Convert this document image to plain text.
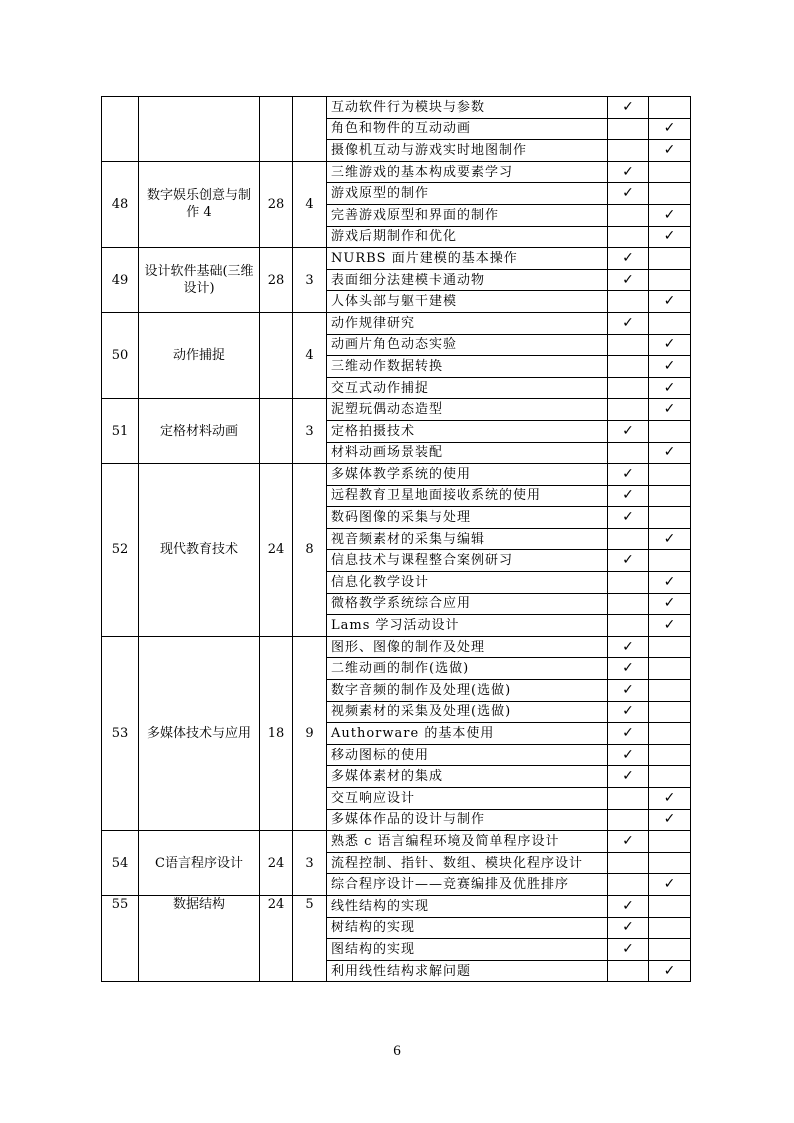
				互动软件行为模块与参数	✓	
				角色和物件的互动动画		✓
				摄像机互动与游戏实时地图制作		✓
48	数字娱乐创意与制作 4	28	4	三维游戏的基本构成要素学习	✓	
				游戏原型的制作	✓	
				完善游戏原型和界面的制作		✓
				游戏后期制作和优化		✓
49	设计软件基础(三维设计)	28	3	NURBS 面片建模的基本操作	✓	
				表面细分法建模卡通动物	✓	
				人体头部与躯干建模		✓
50	动作捕捉		4	动作规律研究	✓	
				动画片角色动态实验		✓
				三维动作数据转换		✓
				交互式动作捕捉		✓
51	定格材料动画		3	泥塑玩偶动态造型		✓
				定格拍摄技术	✓	
				材料动画场景装配		✓
52	现代教育技术	24	8	多媒体教学系统的使用	✓	
				远程教育卫星地面接收系统的使用	✓	
				数码图像的采集与处理	✓	
				视音频素材的采集与编辑		✓
				信息技术与课程整合案例研习	✓	
				信息化教学设计		✓
				微格教学系统综合应用		✓
				Lams 学习活动设计		✓
53	多媒体技术与应用	18	9	图形、图像的制作及处理	✓	
				二维动画的制作(选做)	✓	
				数字音频的制作及处理(选做)	✓	
				视频素材的采集及处理(选做)	✓	
				Authorware 的基本使用	✓	
				移动图标的使用	✓	
				多媒体素材的集成	✓	
				交互响应设计		✓
				多媒体作品的设计与制作		✓
54	C语言程序设计	24	3	熟悉 c 语言编程环境及简单程序设计	✓	
				流程控制、指针、数组、模块化程序设计		
				综合程序设计——竞赛编排及优胜排序		✓
55	数据结构	24	5	线性结构的实现	✓	
				树结构的实现	✓	
				图结构的实现	✓	
				利用线性结构求解问题		✓
6
